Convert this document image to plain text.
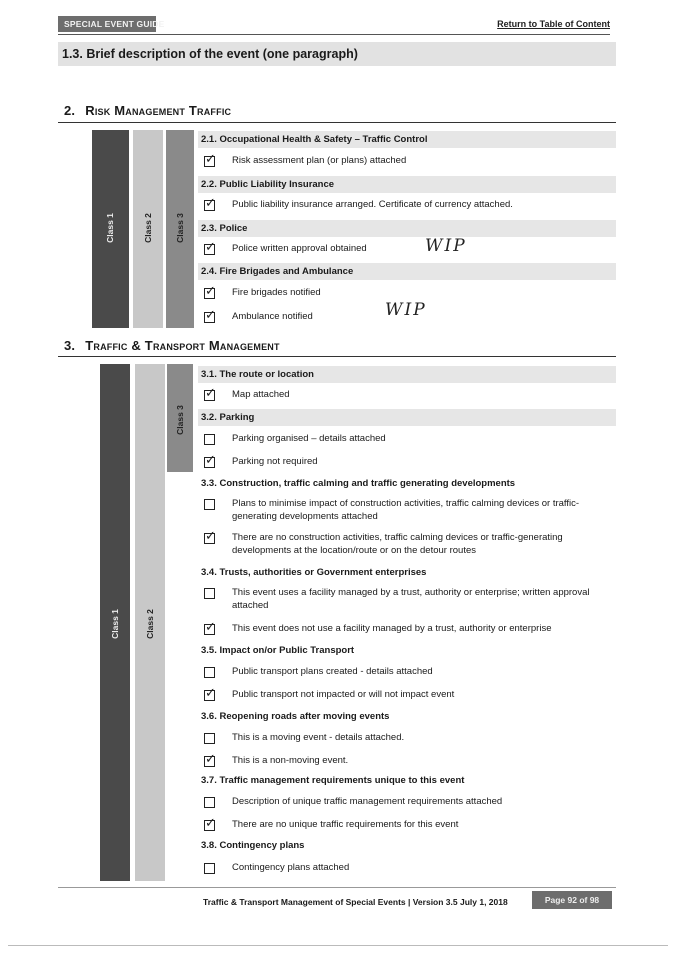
SPECIAL EVENT GUIDE	Return to Table of Content
1.3. Brief description of the event (one paragraph)
2. Risk Management Traffic
Class 1	Class 2	Class 3
2.1. Occupational Health & Safety – Traffic Control
✓ Risk assessment plan (or plans) attached
2.2. Public Liability Insurance
✓ Public liability insurance arranged. Certificate of currency attached.
2.3. Police
✓ Police written approval obtained	WIP
2.4. Fire Brigades and Ambulance
✓ Fire brigades notified
✓ Ambulance notified	WIP
3. Traffic & Transport Management
Class 1	Class 2
Class 3
3.1. The route or location
✓ Map attached
3.2. Parking
Parking organised – details attached
✓ Parking not required
3.3. Construction, traffic calming and traffic generating developments
Plans to minimise impact of construction activities, traffic calming devices or traffic-generating developments attached
✓ There are no construction activities, traffic calming devices or traffic-generating developments at the location/route or on the detour routes
3.4. Trusts, authorities or Government enterprises
This event uses a facility managed by a trust, authority or enterprise; written approval attached
✓ This event does not use a facility managed by a trust, authority or enterprise
3.5. Impact on/or Public Transport
Public transport plans created - details attached
✓ Public transport not impacted or will not impact event
3.6. Reopening roads after moving events
This is a moving event - details attached.
✓ This is a non-moving event.
3.7. Traffic management requirements unique to this event
Description of unique traffic management requirements attached
✓ There are no unique traffic requirements for this event
3.8. Contingency plans
Contingency plans attached
Traffic & Transport Management of Special Events | Version 3.5 July 1, 2018	Page 92 of 98
